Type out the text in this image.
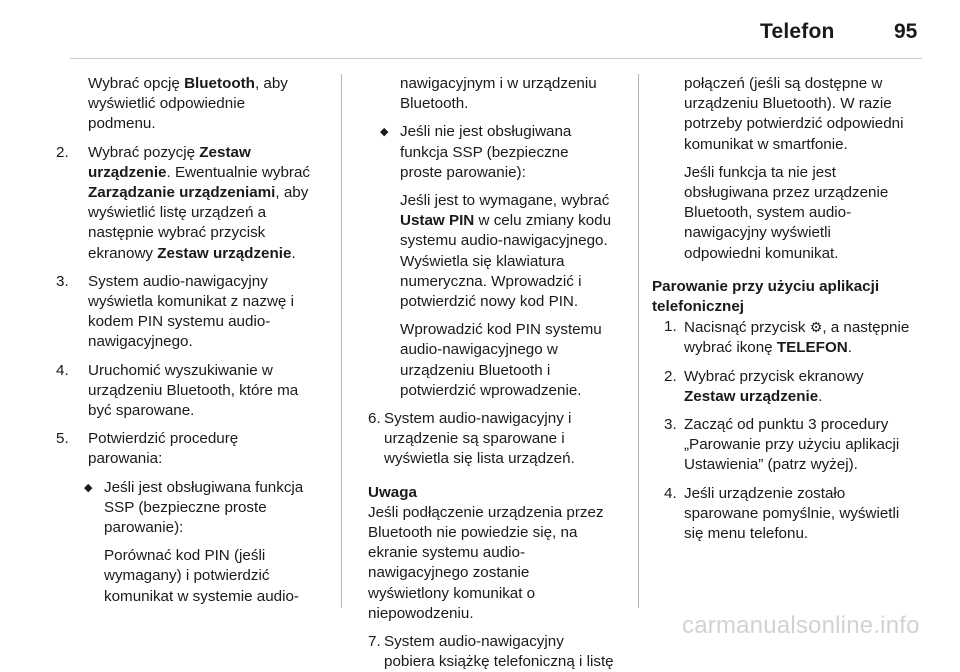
Telefon	95

Wybrać opcję Bluetooth, aby

wyświetlić odpowiednie

podmenu.

2. Wybrać pozycję Zestaw

urządzenie. Ewentualnie wybrać

Zarządzanie urządzeniami, aby

wyświetlić listę urządzeń a

następnie wybrać przycisk

ekranowy Zestaw urządzenie.

3. System audio-nawigacyjny

wyświetla komunikat z nazwę i

kodem PIN systemu audio-

nawigacyjnego.

4. Uruchomić wyszukiwanie w

urządzeniu Bluetooth, które ma

być sparowane.

5. Potwierdzić procedurę

parowania:

◆ Jeśli jest obsługiwana funkcja

SSP (bezpieczne proste

parowanie):

Porównać kod PIN (jeśli

wymagany) i potwierdzić

komunikat w systemie audio-

nawigacyjnym i w urządzeniu

Bluetooth.

◆ Jeśli nie jest obsługiwana

funkcja SSP (bezpieczne

proste parowanie):

Jeśli jest to wymagane, wybrać

Ustaw PIN w celu zmiany kodu

systemu audio-nawigacyjnego.

Wyświetla się klawiatura

numeryczna. Wprowadzić i

potwierdzić nowy kod PIN.

Wprowadzić kod PIN systemu

audio-nawigacyjnego w

urządzeniu Bluetooth i

potwierdzić wprowadzenie.

6. System audio-nawigacyjny i

urządzenie są sparowane i

wyświetla się lista urządzeń.

Uwaga

Jeśli podłączenie urządzenia przez

Bluetooth nie powiedzie się, na

ekranie systemu audio-

nawigacyjnego zostanie

wyświetlony komunikat o

niepowodzeniu.

7. System audio-nawigacyjny

pobiera książkę telefoniczną i listę

połączeń (jeśli są dostępne w

urządzeniu Bluetooth). W razie

potrzeby potwierdzić odpowiedni

komunikat w smartfonie.

Jeśli funkcja ta nie jest

obsługiwana przez urządzenie

Bluetooth, system audio-

nawigacyjny wyświetli

odpowiedni komunikat.

Parowanie przy użyciu aplikacji

telefonicznej

1. Nacisnąć przycisk ⚙, a następnie

wybrać ikonę TELEFON.

2. Wybrać przycisk ekranowy

Zestaw urządzenie.

3. Zacząć od punktu 3 procedury

„Parowanie przy użyciu aplikacji

Ustawienia” (patrz wyżej).

4. Jeśli urządzenie zostało

sparowane pomyślnie, wyświetli

się menu telefonu.

carmanualsonline.info
